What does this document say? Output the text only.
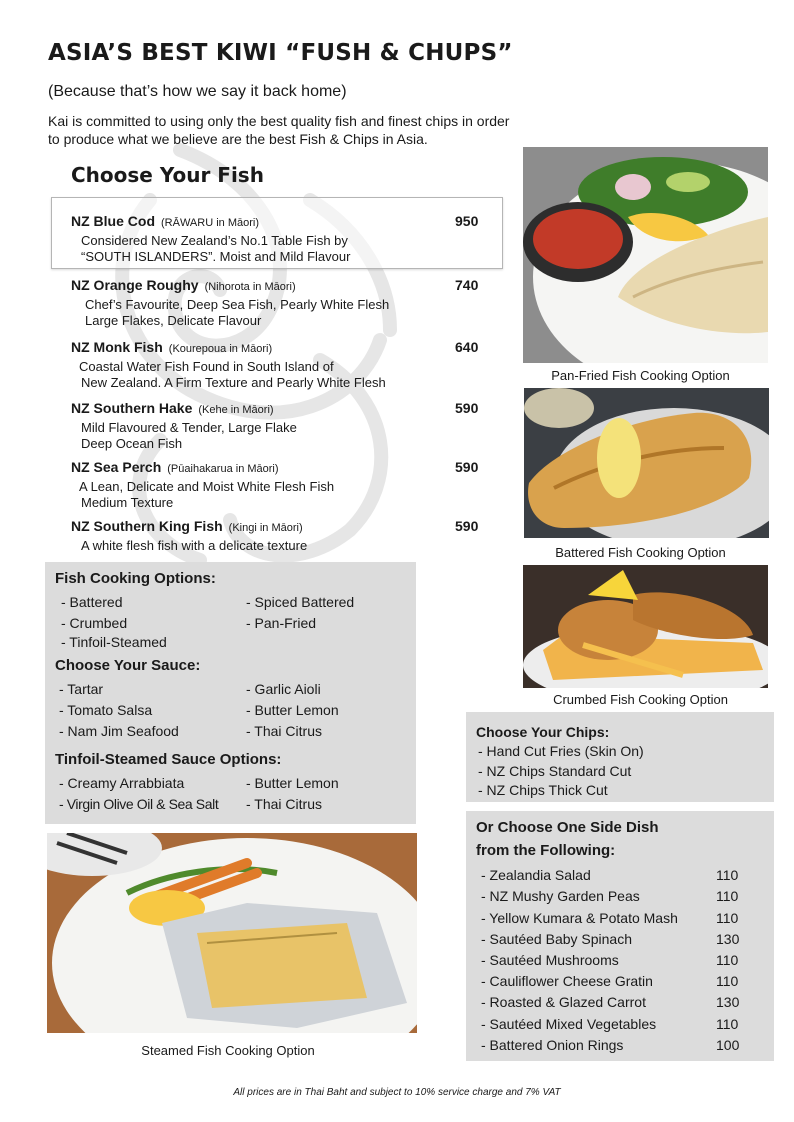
ASIA’S BEST KIWI “FUSH & CHUPS”
(Because that’s how we say it back home)
Kai is committed to using only the best quality fish and finest chips in order to produce what we believe are the best Fish & Chips in Asia.
Choose Your Fish
NZ Blue Cod (RĀWARU in Māori)	950
Considered New Zealand’s No.1 Table Fish by
“SOUTH ISLANDERS”. Moist and Mild Flavour
NZ Orange Roughy (Nihorota in Māori)	740
Chef’s Favourite, Deep Sea Fish, Pearly White Flesh
Large Flakes, Delicate Flavour
NZ Monk Fish (Kourepoua in Māori)	640
Coastal Water Fish Found in South Island of
New Zealand. A Firm Texture and Pearly White Flesh
NZ Southern Hake (Kehe in Māori)	590
Mild Flavoured & Tender, Large Flake
Deep Ocean Fish
NZ Sea Perch (Pūaihakarua in Māori)	590
A Lean, Delicate and Moist White Flesh Fish
Medium Texture
NZ Southern King Fish (Kingi in Māori)	590
A white flesh fish with a delicate texture
Fish Cooking Options:
- Battered
- Crumbed
- Tinfoil-Steamed
- Spiced Battered
- Pan-Fried
Choose Your Sauce:
- Tartar
- Tomato Salsa
- Nam Jim Seafood
- Garlic Aioli
- Butter Lemon
- Thai Citrus
Tinfoil-Steamed Sauce Options:
- Creamy Arrabbiata
- Virgin Olive Oil & Sea Salt
- Butter Lemon
- Thai Citrus
Pan-Fried Fish Cooking Option
Battered Fish Cooking Option
Crumbed Fish Cooking Option
Steamed Fish Cooking Option
Choose Your Chips:
- Hand Cut Fries (Skin On)
- NZ Chips Standard Cut
- NZ Chips Thick Cut
Or Choose One Side Dish
from the Following:
- Zealandia Salad	110
- NZ Mushy Garden Peas	110
- Yellow Kumara & Potato Mash	110
- Sautéed Baby Spinach	130
- Sautéed Mushrooms	110
- Cauliflower Cheese Gratin	110
- Roasted & Glazed Carrot	130
- Sautéed Mixed Vegetables	110
- Battered Onion Rings	100
All prices are in Thai Baht and subject to 10% service charge and 7% VAT
